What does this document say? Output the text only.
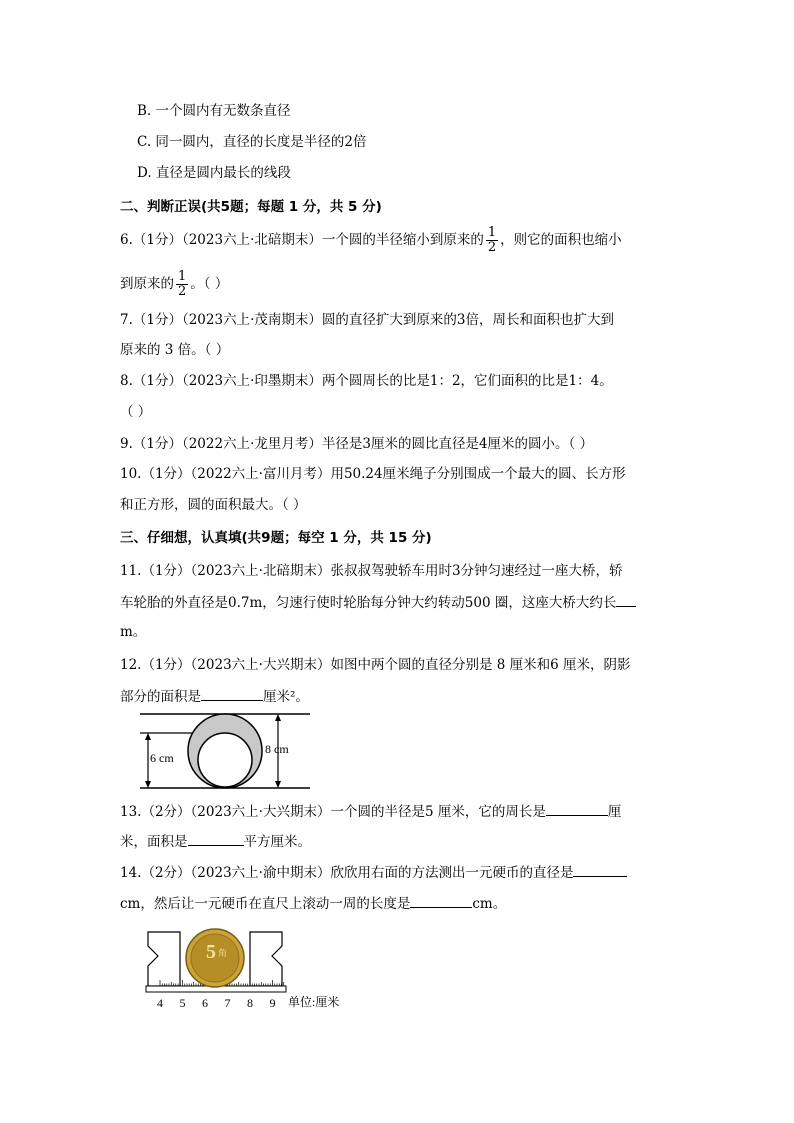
B. 一个圆内有无数条直径
C. 同一圆内，直径的长度是半径的2倍
D. 直径是圆内最长的线段
二、判断正误(共5题；每题 1 分，共 5 分)
6.（1分）（2023六上·北碚期末）一个圆的半径缩小到原来的 $\frac{1}{2}$ ，则它的面积也缩小
到原来的 $\frac{1}{2}$ 。（ ）
7.（1分）（2023六上·茂南期末）圆的直径扩大到原来的3倍，周长和面积也扩大到
原来的 3 倍。（ ）
8.（1分）（2023六上·印墨期末）两个圆周长的比是1：2，它们面积的比是1：4。
（ ）
9.（1分）（2022六上·龙里月考）半径是3厘米的圆比直径是4厘米的圆小。（ ）
10.（1分）（2022六上·富川月考）用50.24厘米绳子分别围成一个最大的圆、长方形
和正方形，圆的面积最大。（ ）
三、仔细想，认真填(共9题；每空 1 分，共 15 分)
11.（1分）（2023六上·北碚期末）张叔叔驾驶轿车用时3分钟匀速经过一座大桥，轿
车轮胎的外直径是0.7m，匀速行使时轮胎每分钟大约转动500 圈，这座大桥大约长
m。
12.（1分）（2023六上·大兴期末）如图中两个圆的直径分别是 8 厘米和6 厘米，阴影
部分的面积是	厘米²。
6 cm
8 cm
13.（2分）（2023六上·大兴期末）一个圆的半径是5 厘米，它的周长是	厘
米，面积是	平方厘米。
14.（2分）（2023六上·渝中期末）欣欣用右面的方法测出一元硬币的直径是
cm，然后让一元硬币在直尺上滚动一周的长度是	cm。
5 角
4 5 6 7 8 9 单位:厘米
